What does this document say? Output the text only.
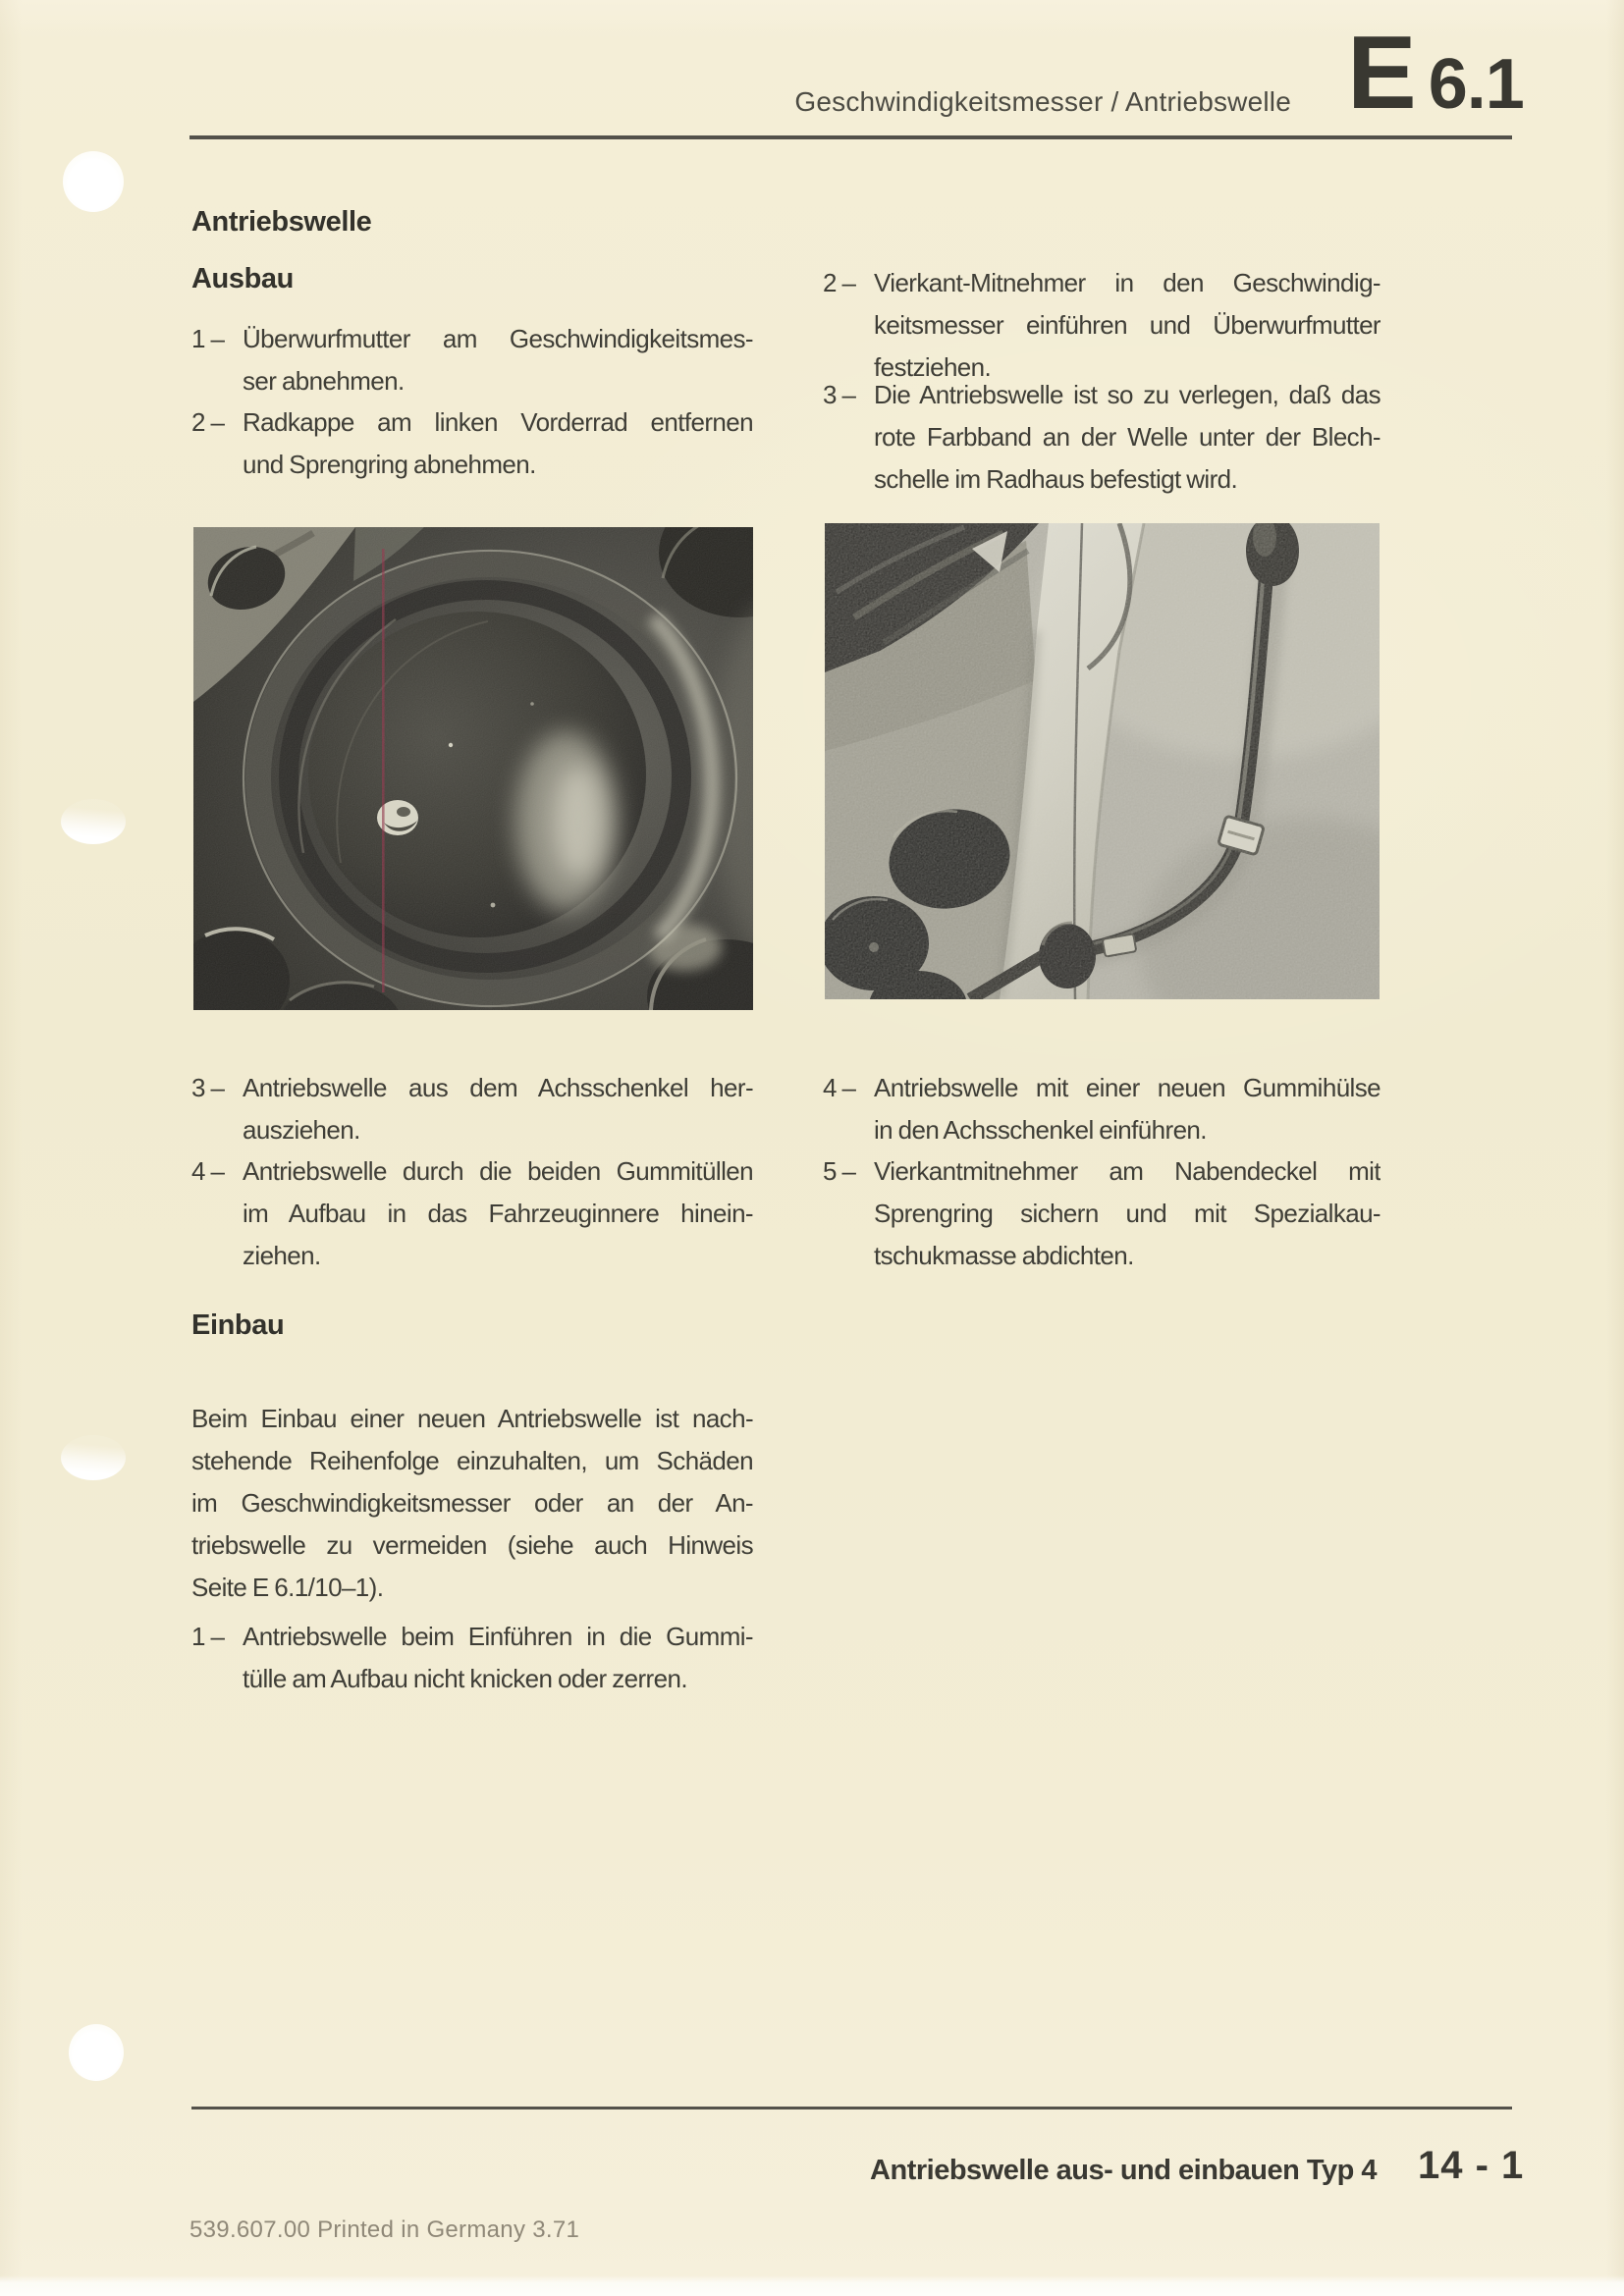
Geschwindigkeitsmesser / Antriebswelle E 6.1
Antriebswelle
Ausbau
1 – Überwurfmutter am Geschwindigkeitsmes-
ser abnehmen.
2 – Radkappe am linken Vorderrad entfernen
und Sprengring abnehmen.
2 – Vierkant-Mitnehmer in den Geschwindig-
keitsmesser einführen und Überwurfmutter
festziehen.
3 – Die Antriebswelle ist so zu verlegen, daß das
rote Farbband an der Welle unter der Blech-
schelle im Radhaus befestigt wird.
3 – Antriebswelle aus dem Achsschenkel her-
ausziehen.
4 – Antriebswelle durch die beiden Gummitüllen
im Aufbau in das Fahrzeuginnere hinein-
ziehen.
4 – Antriebswelle mit einer neuen Gummihülse
in den Achsschenkel einführen.
5 – Vierkantmitnehmer am Nabendeckel mit
Sprengring sichern und mit Spezialkau-
tschukmasse abdichten.
Einbau
Beim Einbau einer neuen Antriebswelle ist nach-
stehende Reihenfolge einzuhalten, um Schäden
im Geschwindigkeitsmesser oder an der An-
triebswelle zu vermeiden (siehe auch Hinweis
Seite E 6.1/10–1).
1 – Antriebswelle beim Einführen in die Gummi-
tülle am Aufbau nicht knicken oder zerren.
Antriebswelle aus- und einbauen Typ 4 14 - 1
539.607.00 Printed in Germany 3.71
